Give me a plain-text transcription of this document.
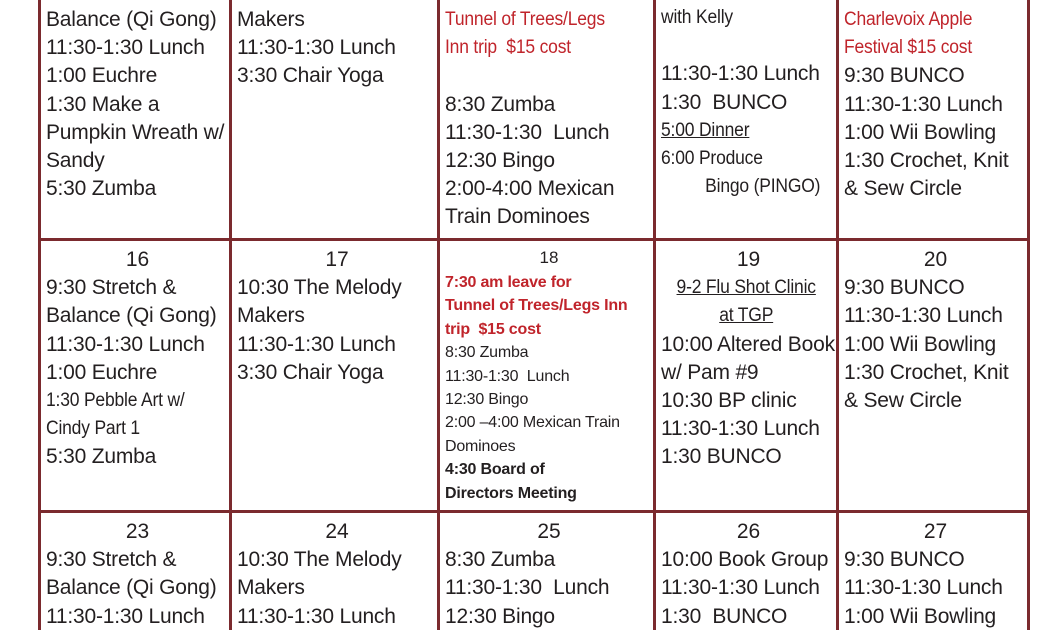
Balance (Qi Gong)
11:30-1:30 Lunch
1:00 Euchre
1:30 Make a
Pumpkin Wreath w/
Sandy
5:30 Zumba
Makers
11:30-1:30 Lunch
3:30 Chair Yoga
Tunnel of Trees/Legs
Inn trip  $15 cost
8:30 Zumba
11:30-1:30  Lunch
12:30 Bingo
2:00-4:00 Mexican
Train Dominoes
with Kelly
11:30-1:30 Lunch
1:30  BUNCO
5:00 Dinner
6:00 Produce
Bingo (PINGO)
Charlevoix Apple
Festival $15 cost
9:30 BUNCO
11:30-1:30 Lunch
1:00 Wii Bowling
1:30 Crochet, Knit
& Sew Circle
16
9:30 Stretch &
Balance (Qi Gong)
11:30-1:30 Lunch
1:00 Euchre
1:30 Pebble Art w/
Cindy Part 1
5:30 Zumba
17
10:30 The Melody
Makers
11:30-1:30 Lunch
3:30 Chair Yoga
18
7:30 am leave for
Tunnel of Trees/Legs Inn
trip  $15 cost
8:30 Zumba
11:30-1:30  Lunch
12:30 Bingo
2:00 –4:00 Mexican Train
Dominoes
4:30 Board of
Directors Meeting
19
9-2 Flu Shot Clinic
at TGP
10:00 Altered Book
w/ Pam #9
10:30 BP clinic
11:30-1:30 Lunch
1:30 BUNCO
20
9:30 BUNCO
11:30-1:30 Lunch
1:00 Wii Bowling
1:30 Crochet, Knit
& Sew Circle
23
9:30 Stretch &
Balance (Qi Gong)
11:30-1:30 Lunch
24
10:30 The Melody
Makers
11:30-1:30 Lunch
25
8:30 Zumba
11:30-1:30  Lunch
12:30 Bingo
26
10:00 Book Group
11:30-1:30 Lunch
1:30  BUNCO
27
9:30 BUNCO
11:30-1:30 Lunch
1:00 Wii Bowling
